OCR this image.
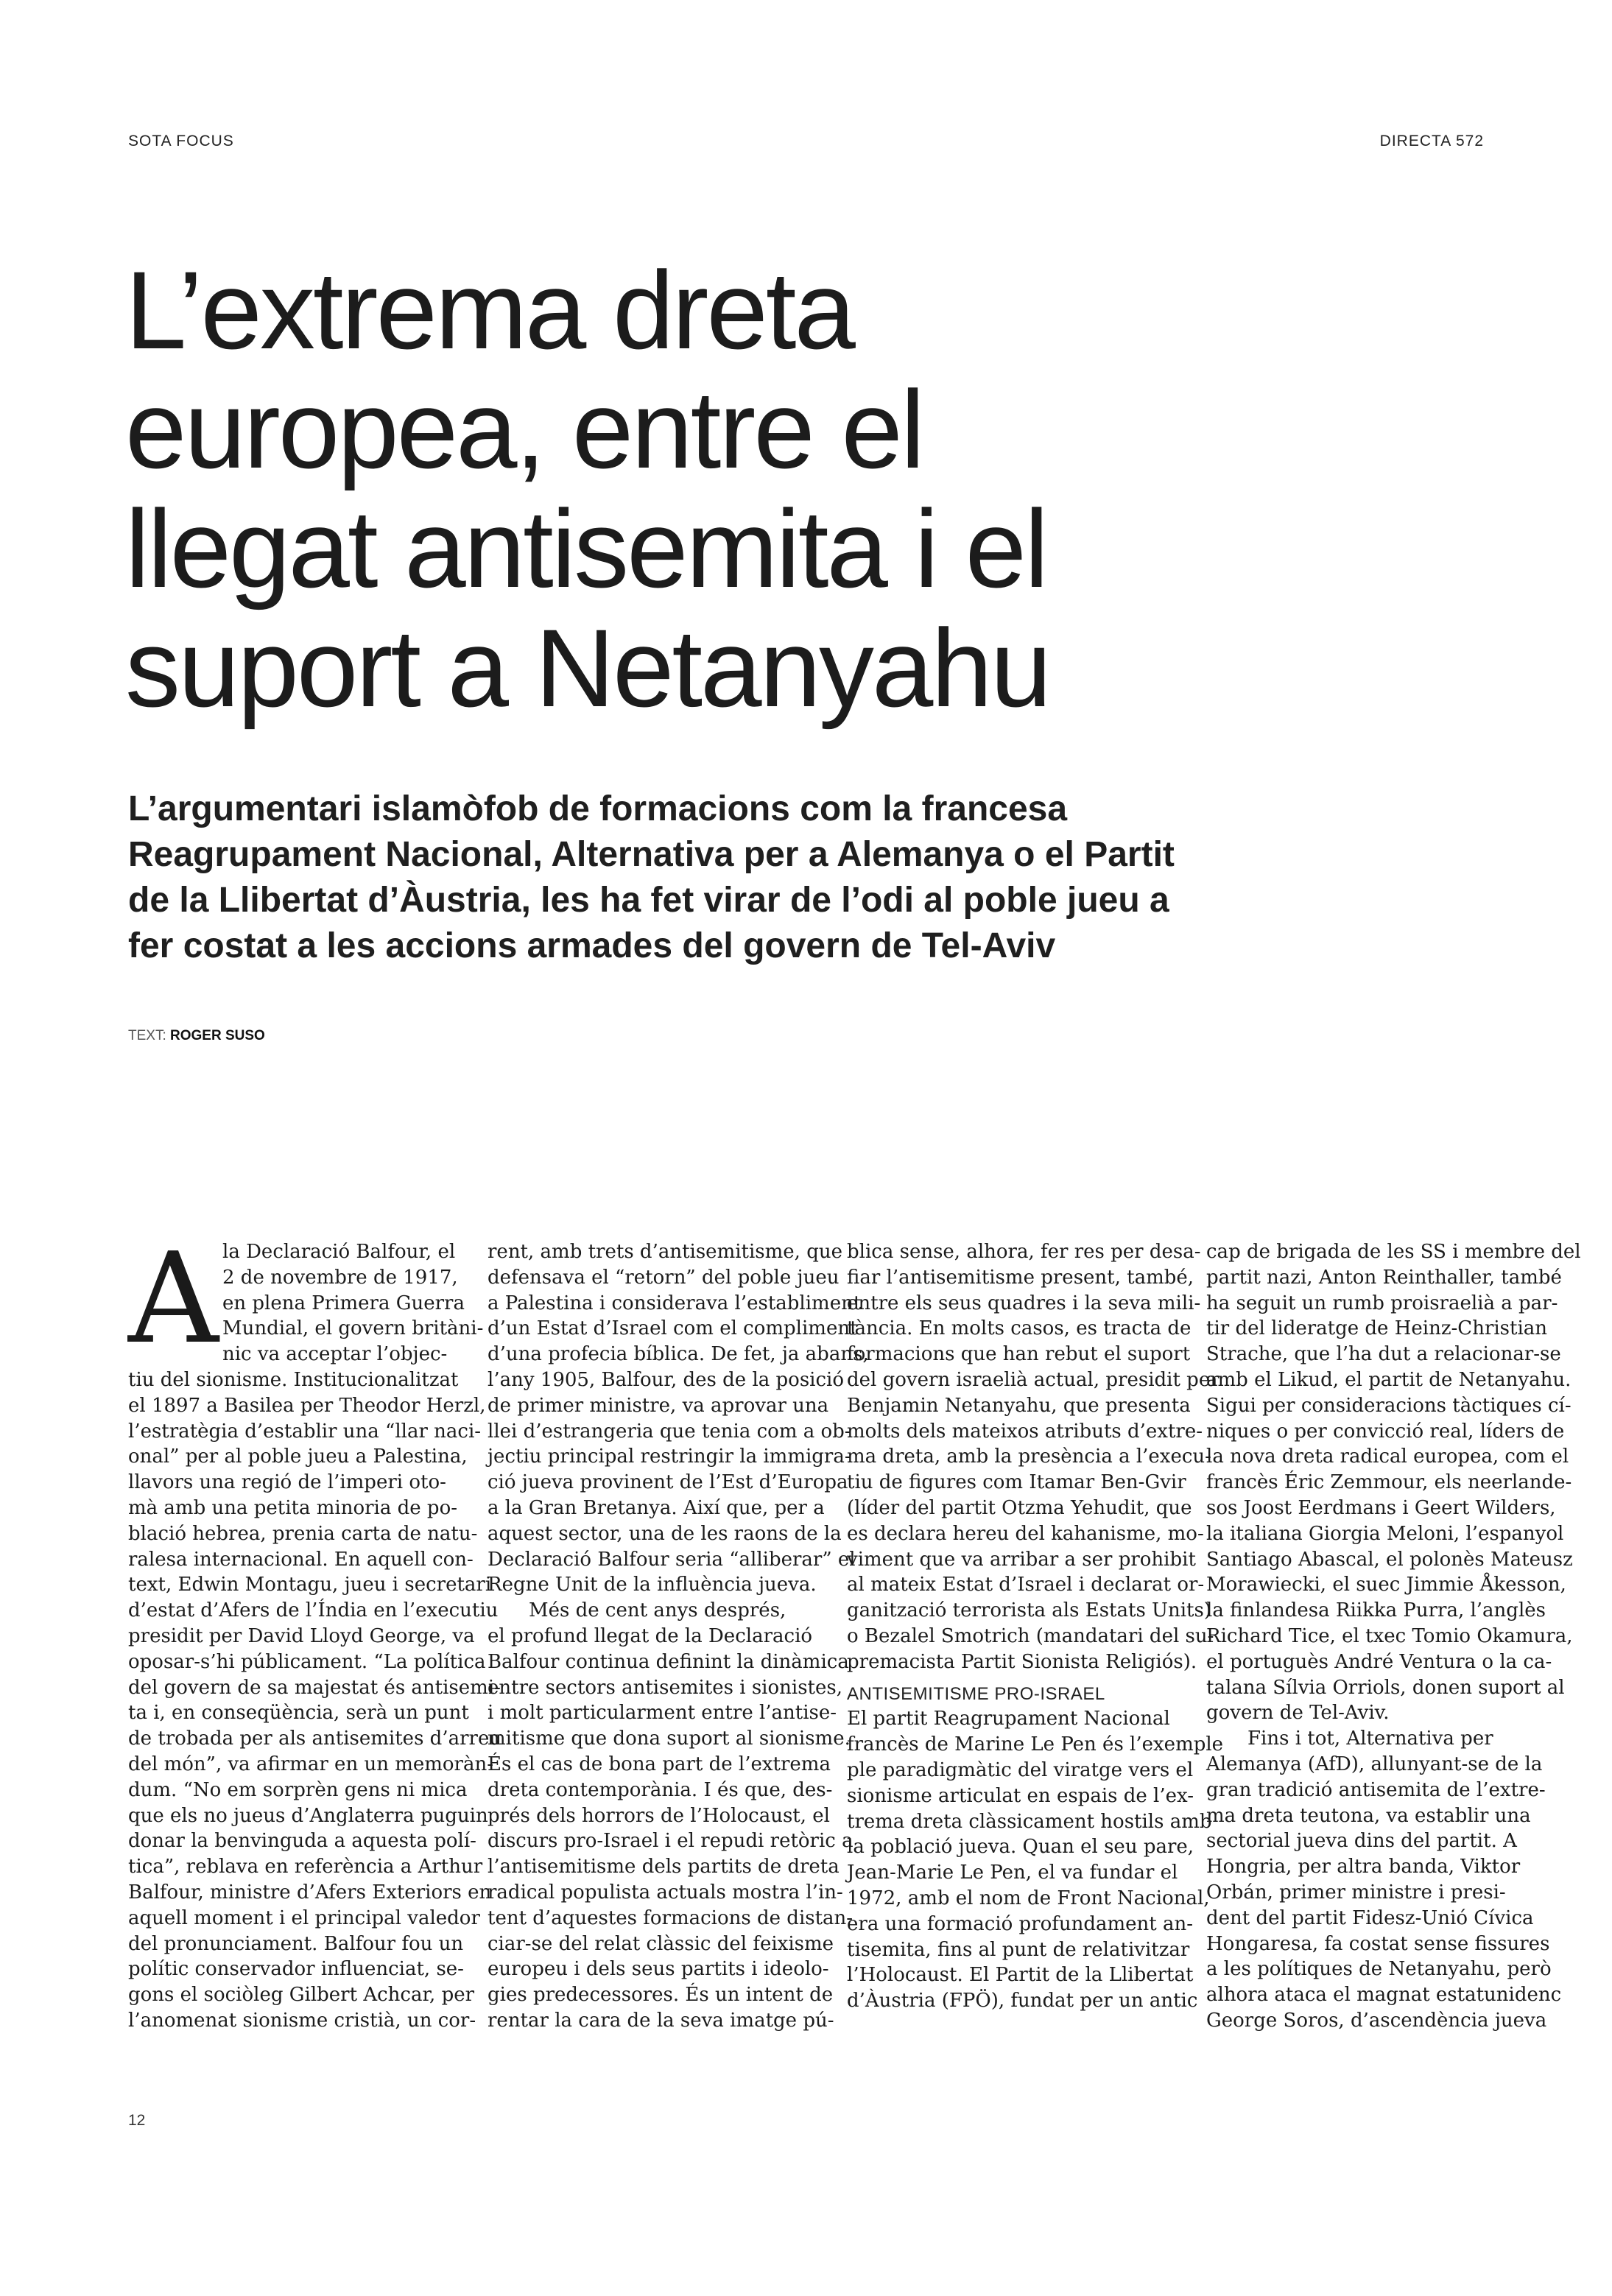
SOTA FOCUS	DIRECTA 572
L’extrema dreta
europea, entre el
llegat antisemita i el
suport a Netanyahu
L’argumentari islamòfob de formacions com la francesa
Reagrupament Nacional, Alternativa per a Alemanya o el Partit
de la Llibertat d’Àustria, les ha fet virar de l’odi al poble jueu a
fer costat a les accions armades del govern de Tel-Aviv
TEXT: ROGER SUSO
A la Declaració Balfour, el
2 de novembre de 1917,
en plena Primera Guerra
Mundial, el govern britàni-
nic va acceptar l’objec-
tiu del sionisme. Institucionalitzat
el 1897 a Basilea per Theodor Herzl,
l’estratègia d’establir una “llar naci-
onal” per al poble jueu a Palestina,
llavors una regió de l’imperi oto-
mà amb una petita minoria de po-
blació hebrea, prenia carta de natu-
ralesa internacional. En aquell con-
text, Edwin Montagu, jueu i secretari
d’estat d’Afers de l’Índia en l’executiu
presidit per David Lloyd George, va
oposar-s’hi públicament. “La política
del govern de sa majestat és antisemi-
ta i, en conseqüència, serà un punt
de trobada per als antisemites d’arreu
del món”, va afirmar en un memoràn-
dum. “No em sorprèn gens ni mica
que els no jueus d’Anglaterra puguin
donar la benvinguda a aquesta polí-
tica”, reblava en referència a Arthur
Balfour, ministre d’Afers Exteriors en
aquell moment i el principal valedor
del pronunciament. Balfour fou un
polític conservador influenciat, se-
gons el sociòleg Gilbert Achcar, per
l’anomenat sionisme cristià, un cor-
rent, amb trets d’antisemitisme, que
defensava el “retorn” del poble jueu
a Palestina i considerava l’establiment
d’un Estat d’Israel com el compliment
d’una profecia bíblica. De fet, ja abans,
l’any 1905, Balfour, des de la posició
de primer ministre, va aprovar una
llei d’estrangeria que tenia com a ob-
jectiu principal restringir la immigra-
ció jueva provinent de l’Est d’Europa
a la Gran Bretanya. Així que, per a
aquest sector, una de les raons de la
Declaració Balfour seria “alliberar” el
Regne Unit de la influència jueva.
Més de cent anys després,
el profund llegat de la Declaració
Balfour continua definint la dinàmica
entre sectors antisemites i sionistes,
i molt particularment entre l’antise-
mitisme que dona suport al sionisme.
És el cas de bona part de l’extrema
dreta contemporània. I és que, des-
prés dels horrors de l’Holocaust, el
discurs pro-Israel i el repudi retòric a
l’antisemitisme dels partits de dreta
radical populista actuals mostra l’in-
tent d’aquestes formacions de distan-
ciar-se del relat clàssic del feixisme
europeu i dels seus partits i ideolo-
gies predecessores. És un intent de
rentar la cara de la seva imatge pú-
blica sense, alhora, fer res per desa-
fiar l’antisemitisme present, també,
entre els seus quadres i la seva mili-
tància. En molts casos, es tracta de
formacions que han rebut el suport
del govern israelià actual, presidit per
Benjamin Netanyahu, que presenta
molts dels mateixos atributs d’extre-
ma dreta, amb la presència a l’execu-
tiu de figures com Itamar Ben-Gvir
(líder del partit Otzma Yehudit, que
es declara hereu del kahanisme, mo-
viment que va arribar a ser prohibit
al mateix Estat d’Israel i declarat or-
ganització terrorista als Estats Units)
o Bezalel Smotrich (mandatari del su-
premacista Partit Sionista Religiós).
ANTISEMITISME PRO-ISRAEL
El partit Reagrupament Nacional
francès de Marine Le Pen és l’exemple
ple paradigmàtic del viratge vers el
sionisme articulat en espais de l’ex-
trema dreta clàssicament hostils amb
la població jueva. Quan el seu pare,
Jean-Marie Le Pen, el va fundar el
1972, amb el nom de Front Nacional,
era una formació profundament an-
tisemita, fins al punt de relativitzar
l’Holocaust. El Partit de la Llibertat
d’Àustria (FPÖ), fundat per un antic
cap de brigada de les SS i membre del
partit nazi, Anton Reinthaller, també
ha seguit un rumb proisraelià a par-
tir del lideratge de Heinz-Christian
Strache, que l’ha dut a relacionar-se
amb el Likud, el partit de Netanyahu.
Sigui per consideracions tàctiques cí-
niques o per convicció real, líders de
la nova dreta radical europea, com el
francès Éric Zemmour, els neerlande-
sos Joost Eerdmans i Geert Wilders,
la italiana Giorgia Meloni, l’espanyol
Santiago Abascal, el polonès Mateusz
Morawiecki, el suec Jimmie Åkesson,
la finlandesa Riikka Purra, l’anglès
Richard Tice, el txec Tomio Okamura,
el portuguès André Ventura o la ca-
talana Sílvia Orriols, donen suport al
govern de Tel-Aviv.
Fins i tot, Alternativa per
Alemanya (AfD), allunyant-se de la
gran tradició antisemita de l’extre-
ma dreta teutona, va establir una
sectorial jueva dins del partit. A
Hongria, per altra banda, Viktor
Orbán, primer ministre i presi-
dent del partit Fidesz-Unió Cívica
Hongaresa, fa costat sense fissures
a les polítiques de Netanyahu, però
alhora ataca el magnat estatunidenc
George Soros, d’ascendència jueva
12
